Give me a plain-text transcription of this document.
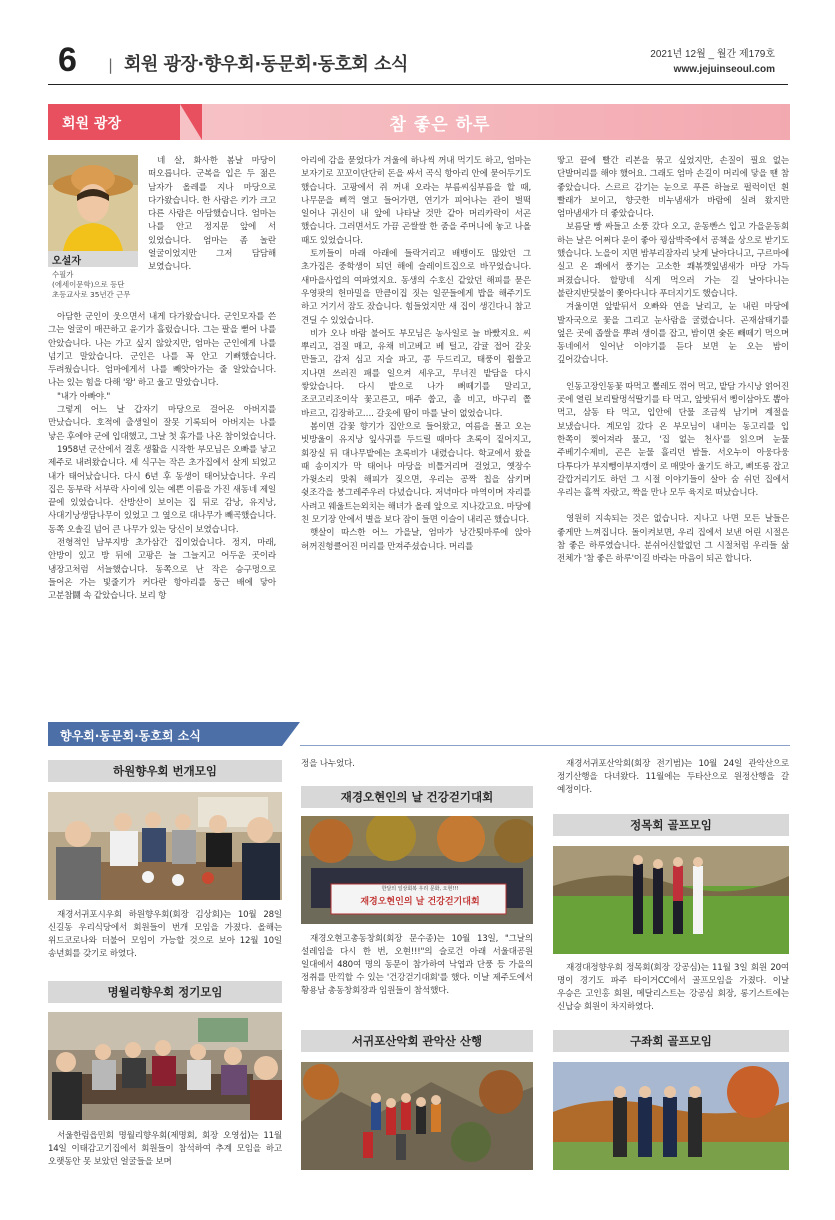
6 | 회원 광장·향우회·동문회·동호회 소식	2021년 12월 _ 월간 제179호
www.jejuinseoul.com
회원 광장	참 좋은 하루
오설자
수필가
(에세이문학)으로 등단
초등교사로 35년간 근무

네 살, 화사한 봄날 마당이 떠오릅니다. 군복을 입은 두 젊은 남자가 올레를 지나 마당으로 다가왔습니다. 한 사람은 키가 크고 다른 사람은 아담했습니다. 엄마는 나를 안고 정지문 앞에 서 있었습니다. 엄마는 좀 놀란 얼굴이었지만 그저 담담해 보였습니다.

아담한 군인이 웃으면서 내게 다가왔습니다. 군인모자를 쓴 그는 얼굴이 매끈하고 윤기가 흘렀습니다. 그는 팔을 뻗어 나를 안았습니다. 나는 가고 싶지 않았지만, 엄마는 군인에게 나를 넘기고 말았습니다. 군인은 나를 꼭 안고 기뻐했습니다. 두려웠습니다. 엄마에게서 나를 빼앗아가는 줄 알았습니다. 나는 있는 힘을 다해 '왕' 하고 울고 말았습니다.

"내가 아빠야."

그렇게 어느 날 갑자기 마당으로 걸어온 아버지를 만났습니다. 호적에 출생일이 잘못 기록되어 아버지는 나를 낳은 후에야 군에 입대했고, 그날 첫 휴가를 나온 참이었습니다.

1958년 군산에서 결혼 생활을 시작한 부모님은 오빠를 낳고 제주로 내려왔습니다. 세 식구는 작은 초가집에서 살게 되었고 내가 태어났습니다. 다시 6년 후 동생이 태어났습니다. 우리 집은 동부락 서부락 사이에 있는 예쁜 이름을 가진 새동네 제일 끝에 있었습니다. 산방산이 보이는 집 뒤로 감낭, 유지낭, 사대기낭생담나무이 있었고 그 옆으로 대나무가 빼곡했습니다. 동쪽 오솔길 넘어 큰 나무가 있는 당신이 보였습니다.

전형적인 남부지방 초가삼간 집이었습니다. 정지, 마래, 안방이 있고 방 뒤에 고팡은 늘 그늘지고 어두운 곳이라 냉장고처럼 서늘했습니다. 동쪽으로 난 작은 승구멍으로 들어온 가는 빛줄기가 커다란 항아리를 둥근 배에 닿아 고분참鬪 속 같았습니다. 보리 항

아리에 감을 묻었다가 겨울에 하나씩 꺼내 먹기도 하고, 엄마는 보자기로 꼬꼬이단단히 돈을 싸서 곡식 항아리 안에 묻어두기도 했습니다. 고팡에서 쥐 꺼내 오라는 부름씨심부름을 할 때, 나무문을 삐꺽 열고 들어가면, 연기가 피어나는 관이 벌떡 일어나 귀신이 내 앞에 나타날 것만 같아 머리카락이 서곤 했습니다. 그러면서도 가끔 곤쌀쌀 한 줌을 주머니에 놓고 나올 때도 있었습니다.

토끼들이 마래 아래에 들락거리고 배뱅이도 많았던 그 초가집은 중학생이 되던 해에 슬레이트집으로 바꾸었습니다. 새마을사업의 여파였지요. 동생의 수호신 같았던 해피를 묻은 우영팟의 헌마밀을 만큼이집 짓는 일꾼들에게 밥을 해주기도 하고 거기서 잠도 잤습니다. 힘들었지만 새 집이 생긴다니 참고 견딜 수 있었습니다.

비가 오나 바람 불어도 부모님은 농사일로 늘 바빴지요. 씨 뿌리고, 검질 매고, 유채 비고베고 베 털고, 감귤 접어 갈옷 만들고, 감저 심고 지슬 파고, 콩 두드리고, 태풍이 휩쓸고 지나면 쓰러진 패를 일으켜 세우고, 무너진 밭담을 다시 쌓았습니다. 다시 밭으로 나가 뻐떼기를 말리고, 조코고리조이삭 꽃고른고, 매주 쑵고, 촐 비고, 바구리 쫄 바르고, 김장하고…. 갈옷에 땀이 마를 날이 없었습니다.

봄이면 감꽃 향기가 집안으로 들어왔고, 여름을 몰고 오는 빗방울이 유지낭 잎사귀를 두드릴 때마다 초록이 짙어지고, 회장실 뒤 대나무밭에는 초록비가 내렸습니다. 학교에서 왔을 때 송이지가 막 태어나 마당을 비틀거리며 걸었고, 옛장수 가윗소리 맞춰 해피가 짖으면, 우리는 공짝 칩을 삼키며 쉿조각을 붕그레주우러 다녔습니다. 저녁마다 마역이며 자리를 사려고 웨울트는외치는 해녀가 올레 앞으로 지나갔고요. 마당에 친 모기장 안에서 별을 보다 잠이 들면 이슬이 내리곤 했습니다.

햇살이 따스한 어느 가을날, 엄마가 낭간툇마루에 앉아 허꺼진헝클어진 머리를 만져주셨습니다. 머리를

땋고 끝에 빨간 리본을 묶고 싶었지만, 손질이 필요 없는 단발머리를 해야 했어요. 그래도 엄마 손길이 머리에 닿을 땐 참 좋았습니다. 스르르 감기는 눈으로 푸른 하늘로 펄럭이던 흰 빨래가 보이고, 향긋한 비누냄새가 바람에 실려 왔지만 엄마냄새가 더 좋았습니다.

보름달 빵 싸들고 소풍 갔다 오고, 운동빤스 입고 가을운동회 하는 날은 어쩌다 운이 좋아 꿩삼박죽에서 공책을 상으로 받기도 했습니다. 노을이 지면 밤부리잠자리 낮게 날아다니고, 구르마에 실고 온 쾌에서 풍기는 고소한 쾌볶깻잎냄새가 마당 가득 퍼졌습니다. 할망네 식게 먹으러 가는 길 날아다니는 불란지반딧불이 쫓아다니다 푸더지기도 했습니다.

겨울이면 앞밭뒤서 오빠와 연을 날리고, 눈 내린 마당에 발자국으로 꽃을 그리고 눈사람을 굴렸습니다. 곤재삼태기를 엎은 곳에 좁쌀을 뿌려 생이를 잡고, 밤이면 숯돈 빼떼기 먹으며 동네에서 일어난 이야기를 듣다 보면 눈 오는 밤이 깊어갔습니다.

인동고장인동꽃 따먹고 뽈레도 꺾어 먹고, 밭담 가시낭 얽어진 곳에 열린 보리탈멍석딸기를 타 먹고, 앞밧뒤서 삥이삼아도 뽑아 먹고, 삼동 타 먹고, 입안에 단물 조금씩 남기며 계절을 보냈습니다. 계모임 갔다 온 부모님이 내미는 동고리를 입 한쪽이 찢어져라 물고, '집 없는 천사'를 읽으며 눈물 주베기수제비, 곤은 눈물 흘리던 밤들. 서오누이 아웅다웅 다투다가 부지뼁이부지깽이 로 매맞아 울기도 하고, 삐또롱 잡고 갈깝거리기도 하던 그 시절 이야기들이 살아 숨 쉬던 집에서 우리는 흘쩍 자랐고, 짝을 만나 모두 육지로 떠났습니다.

영원히 지속되는 것은 없습니다. 지나고 나면 모든 날들은 좋게만 느껴집니다. 돌이켜보면, 우리 집에서 보낸 어린 시절은 참 좋은 하루였습니다. 분쉬어신할없던 그 시절처럼 우리들 삶 전체가 '참 좋은 하루'이길 바라는 마음이 되곤 합니다.

향우회·동문회·동호회 소식
하원향우회 번개모임

재경서귀포시우회 하원향우회(회장 김상회)는 10월 28일 신길동 우리식당에서 회원들이 번개 모임을 가졌다. 올해는 위드코로나와 더불어 모임이 가능할 것으로 보아 12월 10일 송년회를 갖기로 하였다.

명월리향우회 정기모임

서울한림읍민회 명월리향우회(제명회, 회장 오영섭)는 11월 14일 이태감고기집에서 회원들이 참석하여 추계 모임을 하고 오랫동안 못 보았던 얼굴들을 보며

정을 나누었다.

재경오현인의 날 건강걷기대회
한달의 일상회복 우리 문화, 오현!!!
재경오현인의 날 건강걷기대회

재경오현고총동창회(회장 문수종)는 10월 13일, "그날의 설레임을 다시 한 번, 오현!!!"의 슬로건 아래 서울대공원 일대에서 480여 명의 동문이 참가하여 낙엽과 단풍 등 가을의 정취를 만끽할 수 있는 '건강걷기대회'를 했다. 이날 제주도에서 황용남 총동창회장과 임원들이 참석했다.

서귀포산악회 관악산 산행

재경서귀포산악회(회장 전기범)는 10월 24일 관악산으로 정기산행을 다녀왔다. 11월에는 두타산으로 원정산행을 갈 예정이다.

정목회 골프모임

재경대정향우회 정목회(회장 강공심)는 11월 3일 회원 20여 명이 경기도 파주 타이거CC에서 골프모임을 가졌다. 이날 우승은 고인홍 회원, 메달리스트는 강공심 회장, 롱기스트에는 신납승 회원이 차지하였다.

구좌회 골프모임
